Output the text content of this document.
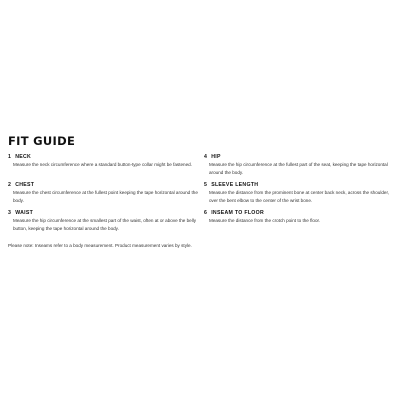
FIT GUIDE
1 NECK
Measure the neck circumference where a standard button-type collar might be fastened.
2 CHEST
Measure the chest circumference at the fullest point keeping the tape horizontal around the body.
3 WAIST
Measure the hip circumference at the smallest part of the waist, often at or above the belly button, keeping the tape horizontal around the body.
4 HIP
Measure the hip circumference at the fullest part of the seat, keeping the tape horizontal around the body.
5 SLEEVE LENGTH
Measure the distance from the prominent bone at center back neck, across the shoulder, over the bent elbow to the center of the wrist bone.
6 INSEAM TO FLOOR
Measure the distance from the crotch point to the floor.
Please note: Inseams refer to a body measurement. Product measurement varies by style.
